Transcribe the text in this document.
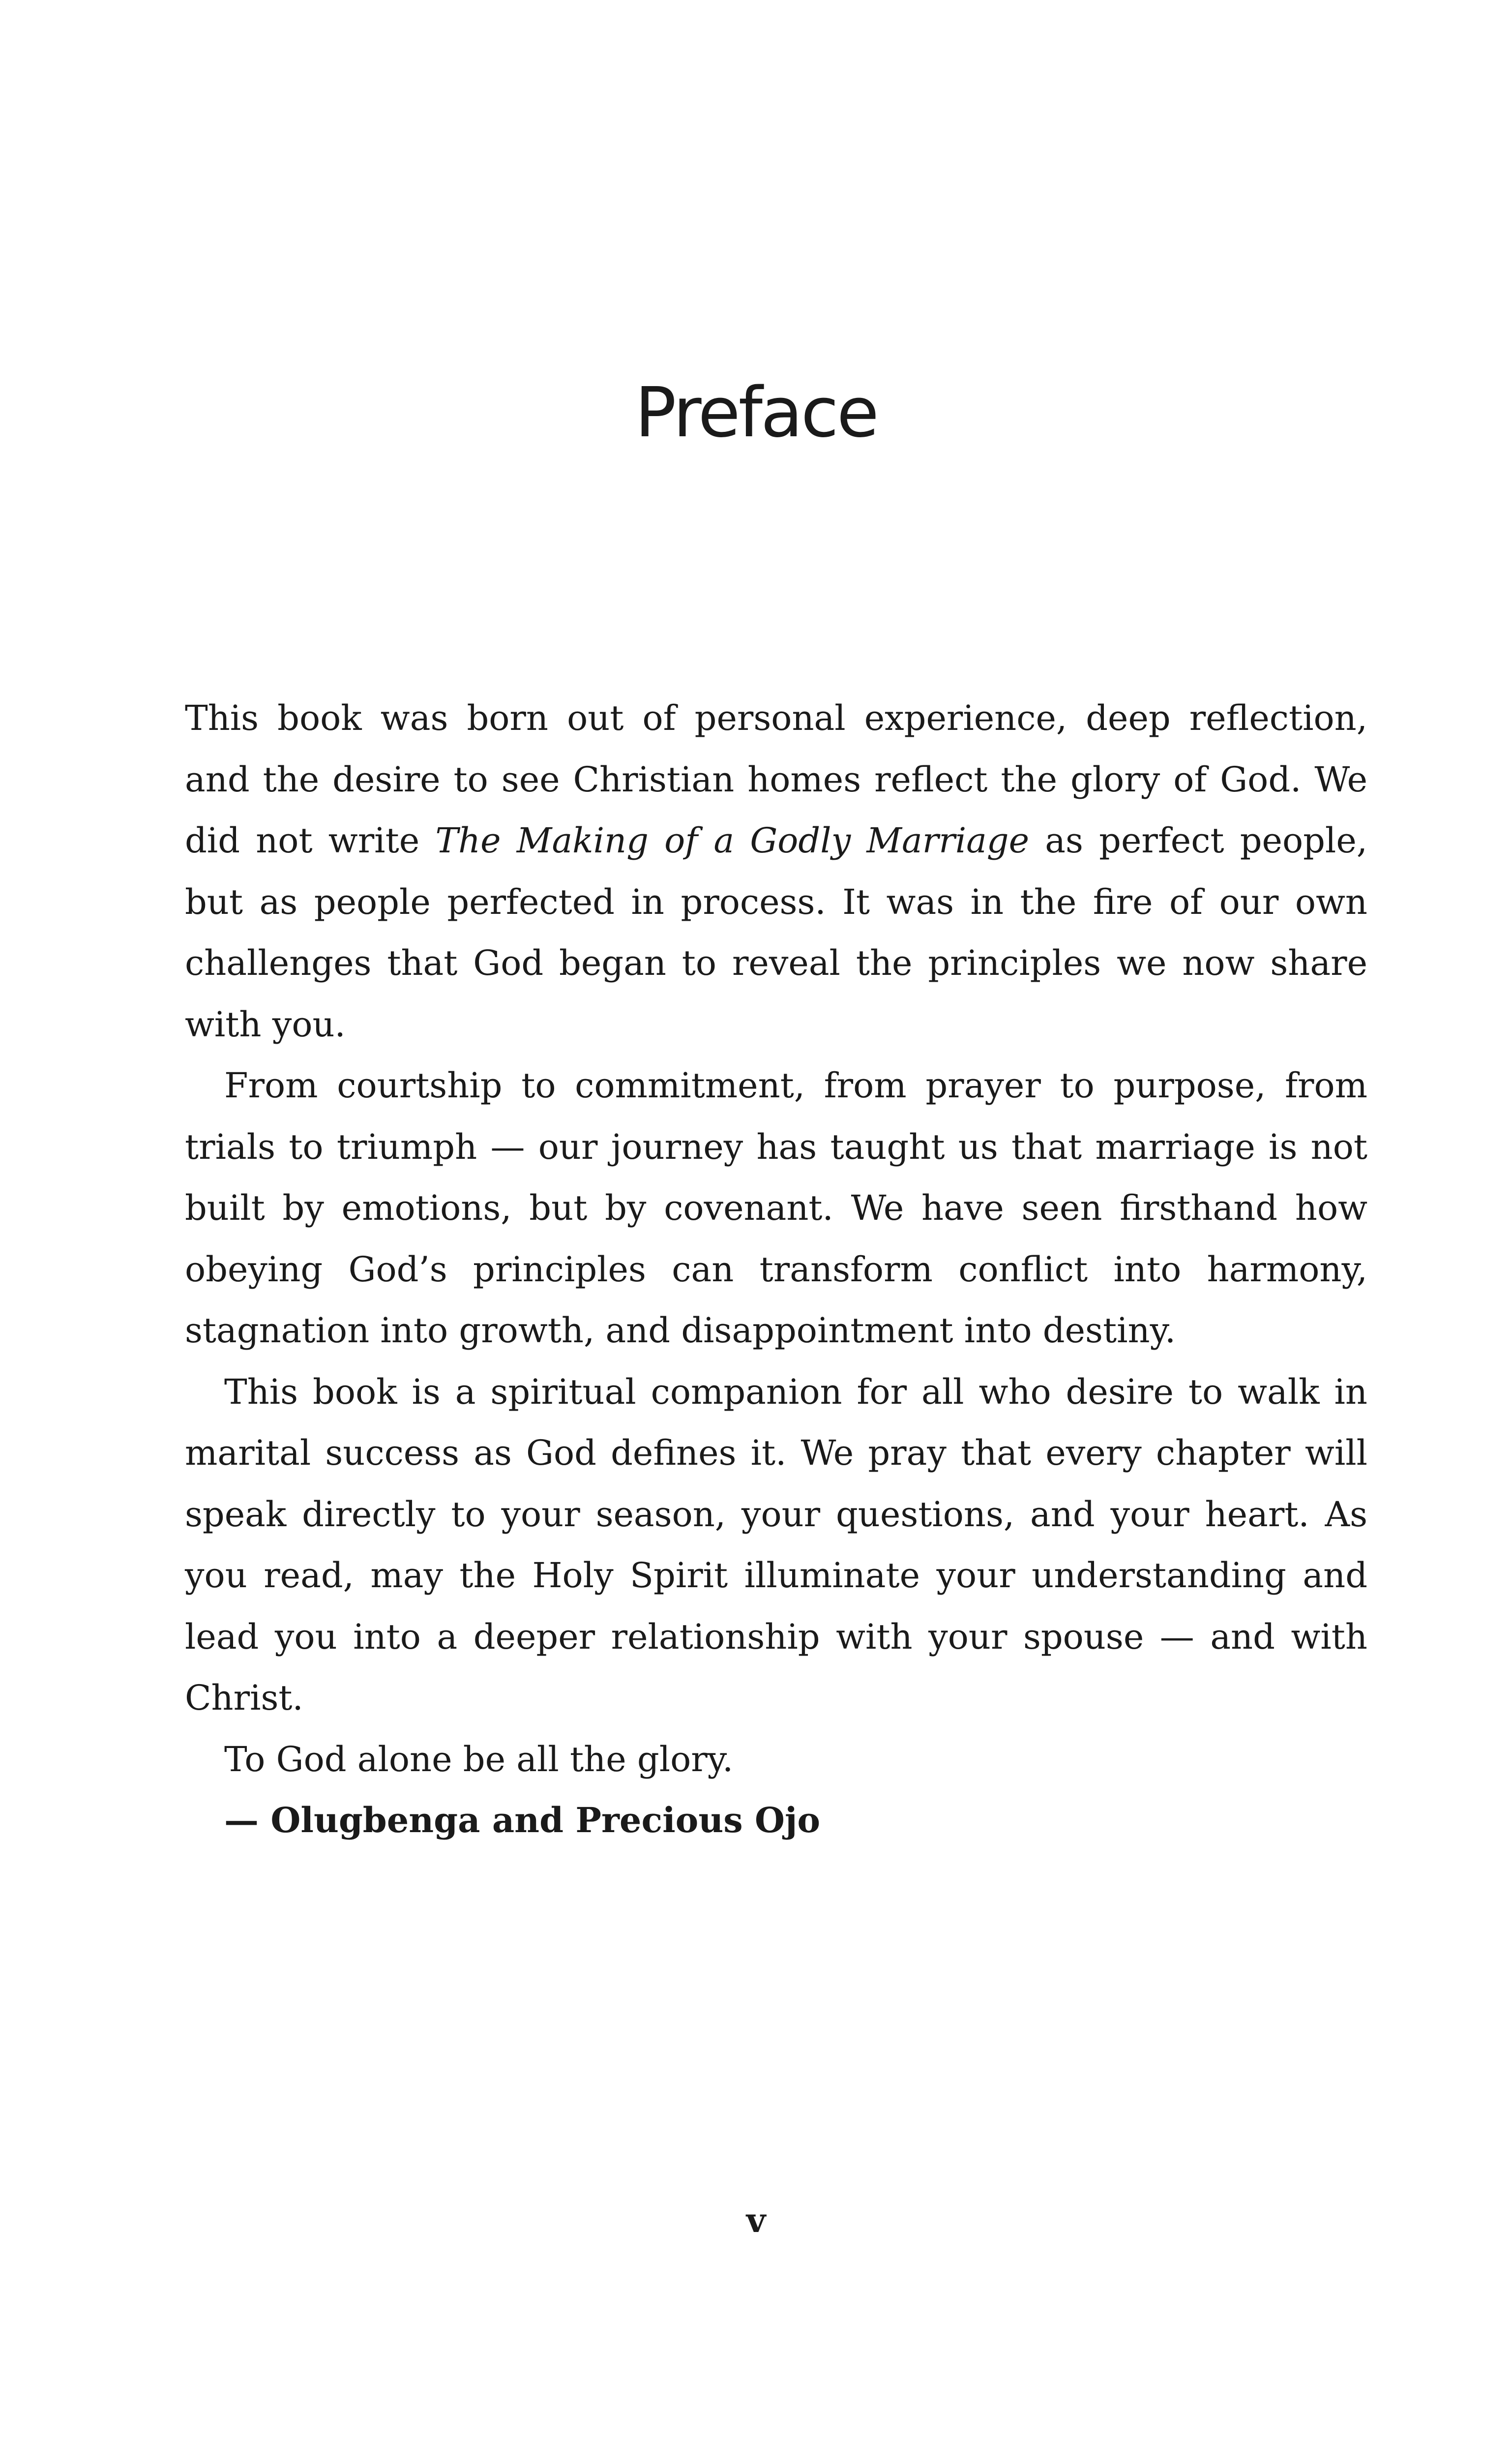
Preface

This book was born out of personal experience, deep reflection, and the desire to see Christian homes reflect the glory of God. We did not write The Making of a Godly Marriage as perfect people, but as people perfected in process. It was in the fire of our own challenges that God began to reveal the principles we now share with you.

From courtship to commitment, from prayer to purpose, from trials to triumph — our journey has taught us that marriage is not built by emotions, but by covenant. We have seen firsthand how obeying God’s principles can transform conflict into harmony, stagnation into growth, and disappointment into destiny.

This book is a spiritual companion for all who desire to walk in marital success as God defines it. We pray that every chapter will speak directly to your season, your questions, and your heart. As you read, may the Holy Spirit illuminate your understanding and lead you into a deeper relationship with your spouse — and with Christ.

To God alone be all the glory.

— Olugbenga and Precious Ojo

v
